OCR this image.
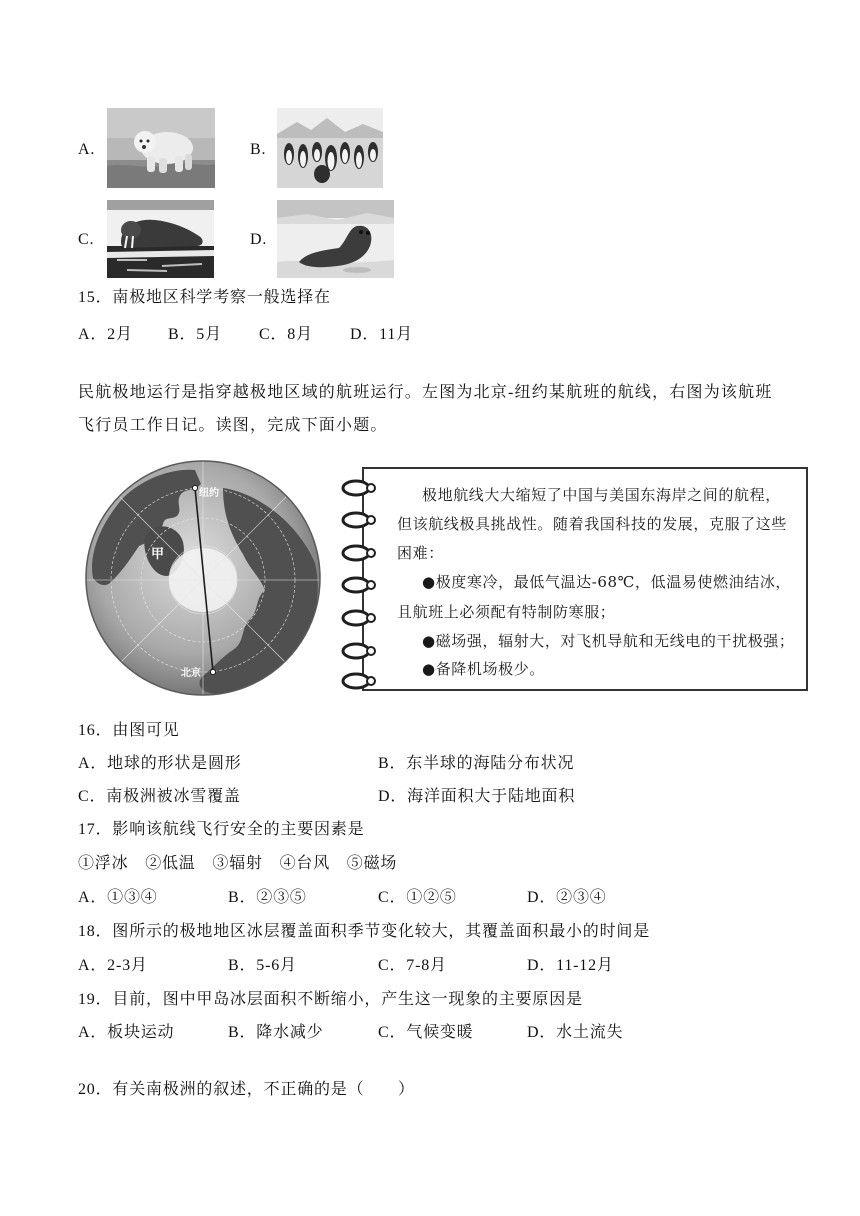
A.	B.
C.	D.
15．南极地区科学考察一般选择在
A．2月 B．5月 C．8月 D．11月
民航极地运行是指穿越极地区域的航班运行。左图为北京-纽约某航班的航线，右图为该航班
飞行员工作日记。读图，完成下面小题。
纽约
甲
北京
极地航线大大缩短了中国与美国东海岸之间的航程，
但该航线极具挑战性。随着我国科技的发展，克服了这些
困难：
●极度寒冷，最低气温达-68℃，低温易使燃油结冰，
且航班上必须配有特制防寒服；
●磁场强，辐射大，对飞机导航和无线电的干扰极强；
●备降机场极少。
16．由图可见
A．地球的形状是圆形	B．东半球的海陆分布状况
C．南极洲被冰雪覆盖	D．海洋面积大于陆地面积
17．影响该航线飞行安全的主要因素是
①浮冰　②低温　③辐射　④台风　⑤磁场
A．①③④	B．②③⑤	C．①②⑤	D．②③④
18．图所示的极地地区冰层覆盖面积季节变化较大，其覆盖面积最小的时间是
A．2-3月	B．5-6月	C．7-8月	D．11-12月
19．目前，图中甲岛冰层面积不断缩小，产生这一现象的主要原因是
A．板块运动	B．降水减少	C．气候变暖	D．水土流失
20．有关南极洲的叙述，不正确的是（　　）
